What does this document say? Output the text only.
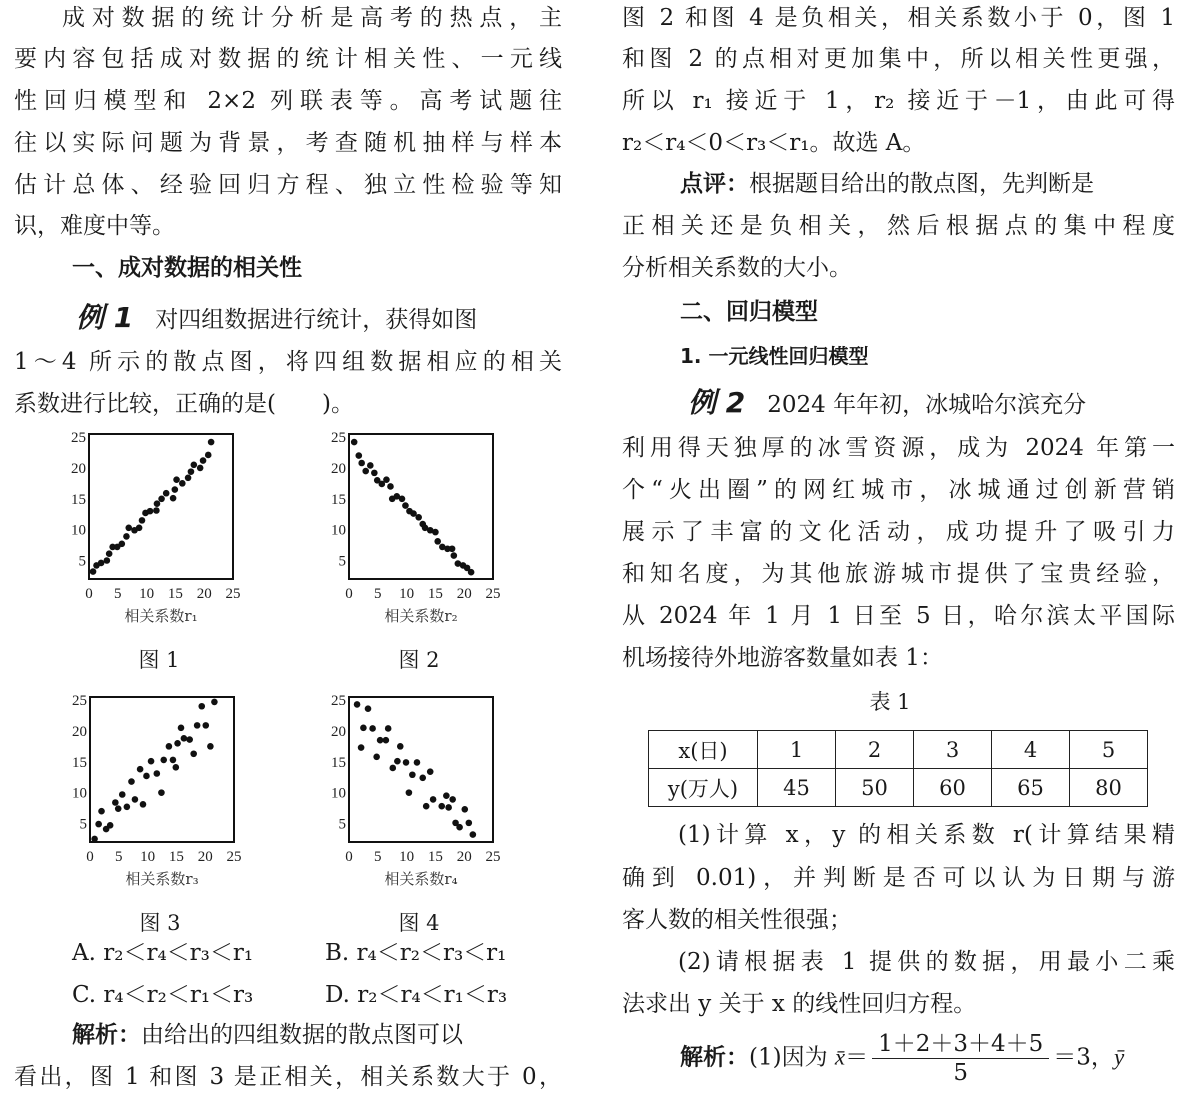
一、成对数据的相关性
例 1 对四组数据进行统计，获得如图
解析：由给出的四组数据的散点图可以
点评：根据题目给出的散点图，先判断是
二、回归模型
1. 一元线性回归模型
例 2 2024 年年初，冰城哈尔滨充分
表 1
x(日)	1	2	3	4	5
y(万人)	45	50	60	65	80
解析：(1)因为 x̄＝ $\frac{1+2+3+4+5}{5} =3$，ȳ
成对数据的统计分析是高考的热点，主
要内容包括成对数据的统计相关性、一元线
性回归模型和 2×2 列联表等。高考试题往
往以实际问题为背景，考查随机抽样与样本
估计总体、经验回归方程、独立性检验等知
识，难度中等。
1～4 所示的散点图，将四组数据相应的相关
系数进行比较，正确的是(　　)。
A. r₂＜r₄＜r₃＜r₁	B. r₄＜r₂＜r₃＜r₁
C. r₄＜r₂＜r₁＜r₃	D. r₂＜r₄＜r₁＜r₃
看出，图 1 和图 3 是正相关，相关系数大于 0，
图 2 和图 4 是负相关，相关系数小于 0，图 1
和图 2 的点相对更加集中，所以相关性更强，
所以 r₁ 接近于 1，r₂ 接近于－1，由此可得
r₂＜r₄＜0＜r₃＜r₁。故选 A。
正相关还是负相关，然后根据点的集中程度
分析相关系数的大小。
利用得天独厚的冰雪资源，成为 2024 年第一
个“火出圈”的网红城市，冰城通过创新营销
展示了丰富的文化活动，成功提升了吸引力
和知名度，为其他旅游城市提供了宝贵经验，
从 2024 年 1 月 1 日至 5 日，哈尔滨太平国际
机场接待外地游客数量如表 1：
(1)计算 x，y 的相关系数 r(计算结果精
确到 0.01)，并判断是否可以认为日期与游
客人数的相关性很强；
(2)请根据表 1 提供的数据，用最小二乘
法求出 y 关于 x 的线性回归方程。
0 5 10 15 20 25
5
10
15
20
25
相关系数r₁
图 1
0 5 10 15 20 25
5
10
15
20
25
相关系数r₂
图 2
0 5 10 15 20 25
5
10
15
20
25
相关系数r₃
图 3
0 5 10 15 20 25
5
10
15
20
25
相关系数r₄
图 4
